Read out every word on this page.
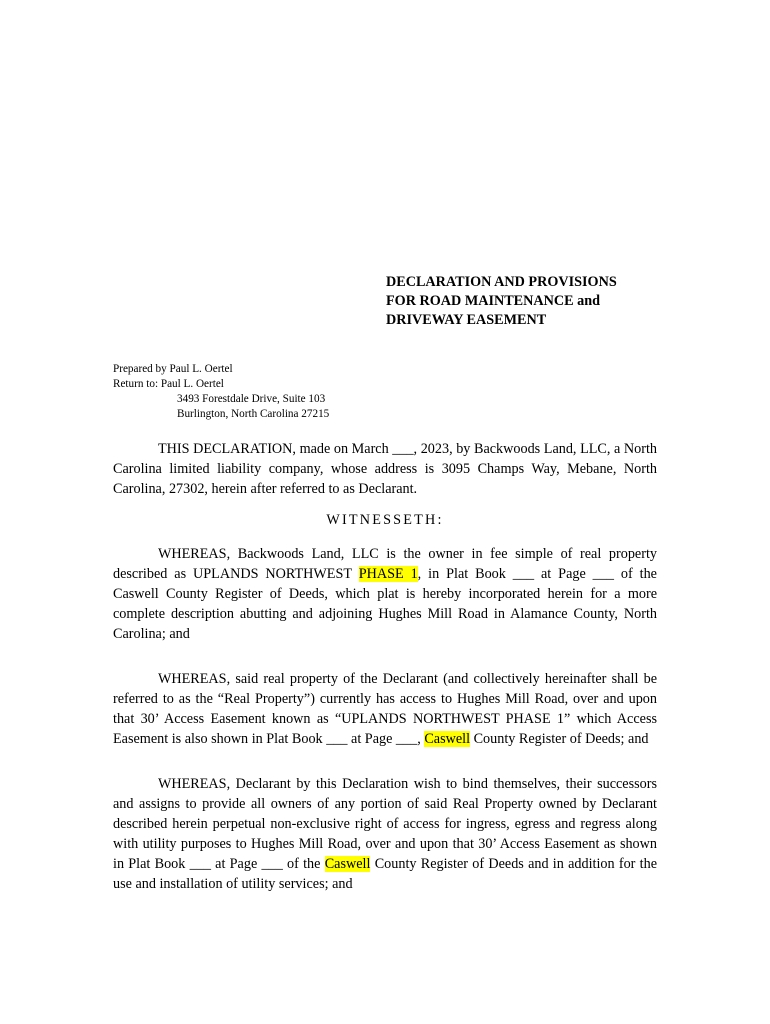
DECLARATION AND PROVISIONS
FOR ROAD MAINTENANCE and
DRIVEWAY EASEMENT
Prepared by Paul L. Oertel
Return to: Paul L. Oertel
3493 Forestdale Drive, Suite 103
Burlington, North Carolina 27215

THIS DECLARATION, made on March ___, 2023, by Backwoods Land, LLC, a North Carolina limited liability company, whose address is 3095 Champs Way, Mebane, North Carolina, 27302, herein after referred to as Declarant.

WITNESSETH:

WHEREAS, Backwoods Land, LLC is the owner in fee simple of real property described as UPLANDS NORTHWEST PHASE 1, in Plat Book ___ at Page ___ of the Caswell County Register of Deeds, which plat is hereby incorporated herein for a more complete description abutting and adjoining Hughes Mill Road in Alamance County, North Carolina; and

WHEREAS, said real property of the Declarant (and collectively hereinafter shall be referred to as the “Real Property”) currently has access to Hughes Mill Road, over and upon that 30’ Access Easement known as “UPLANDS NORTHWEST PHASE 1” which Access Easement is also shown in Plat Book ___ at Page ___, Caswell County Register of Deeds; and

WHEREAS, Declarant by this Declaration wish to bind themselves, their successors and assigns to provide all owners of any portion of said Real Property owned by Declarant described herein perpetual non-exclusive right of access for ingress, egress and regress along with utility purposes to Hughes Mill Road, over and upon that 30’ Access Easement as shown in Plat Book ___ at Page ___ of the Caswell County Register of Deeds and in addition for the use and installation of utility services; and
